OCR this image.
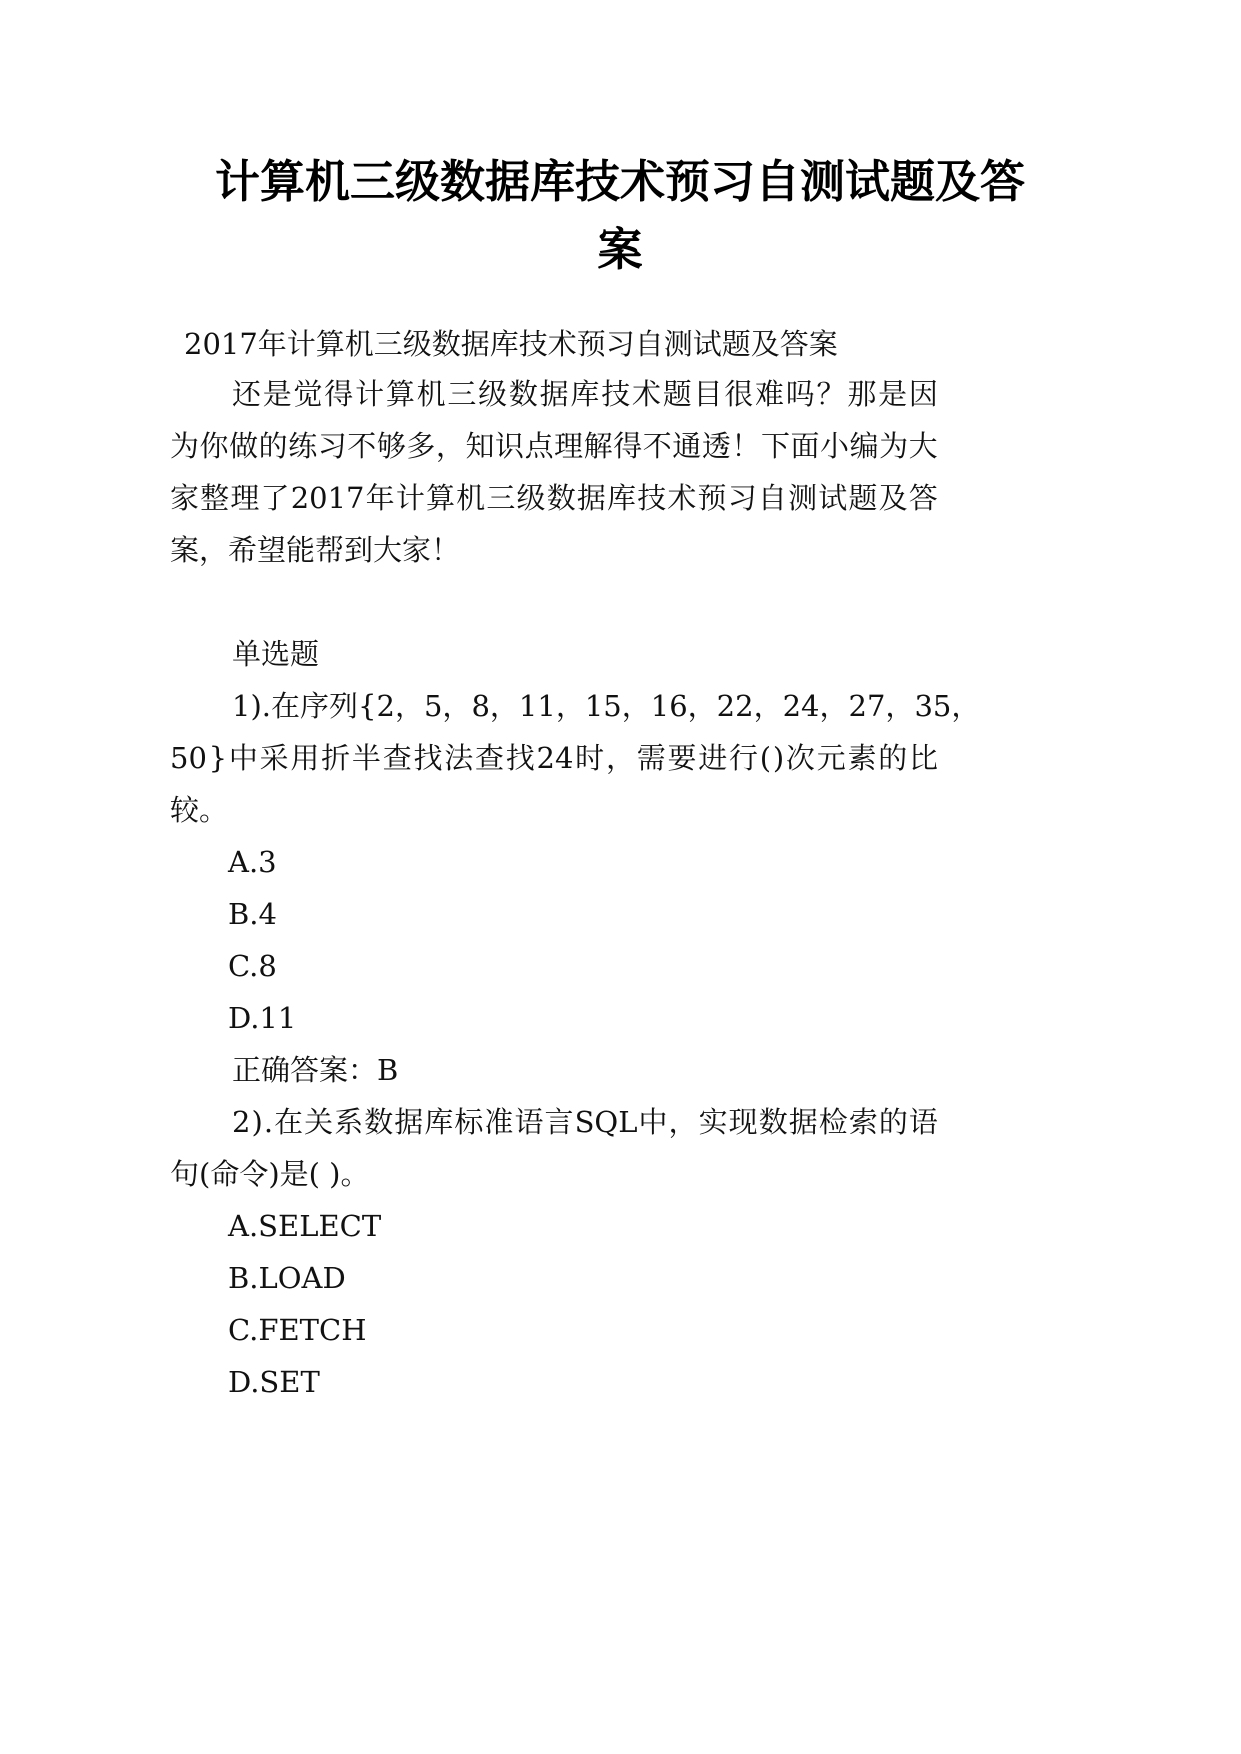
计算机三级数据库技术预习自测试题及答
案

2017年计算机三级数据库技术预习自测试题及答案

还 是 觉 得 计 算 机 三 级 数 据 库 技 术 题 目 很 难 吗 ？ 那 是 因

为 你 做 的 练 习 不 够 多 ， 知 识 点 理 解 得 不 通 透 ！ 下 面 小 编 为 大

家 整 理 了 2017 年 计 算 机 三 级 数 据 库 技 术 预 习 自 测 试 题 及 答

案，希望能帮到大家！

单选题

1 ) . 在 序 列 { 2 ， 5 ， 8 ， 11 ， 15 ， 16 ， 22 ， 24 ， 27 ， 35 ，

50 } 中 采 用 折 半 查 找 法 查 找 24 时 ， 需 要 进 行 ( ) 次 元 素 的 比

较。

A.3

B.4

C.8

D.11

正确答案：B

2 ) . 在 关 系 数 据 库 标 准 语 言 SQL 中 ， 实 现 数 据 检 索 的 语

句(命令)是( )。

A.SELECT

B.LOAD

C.FETCH

D.SET
